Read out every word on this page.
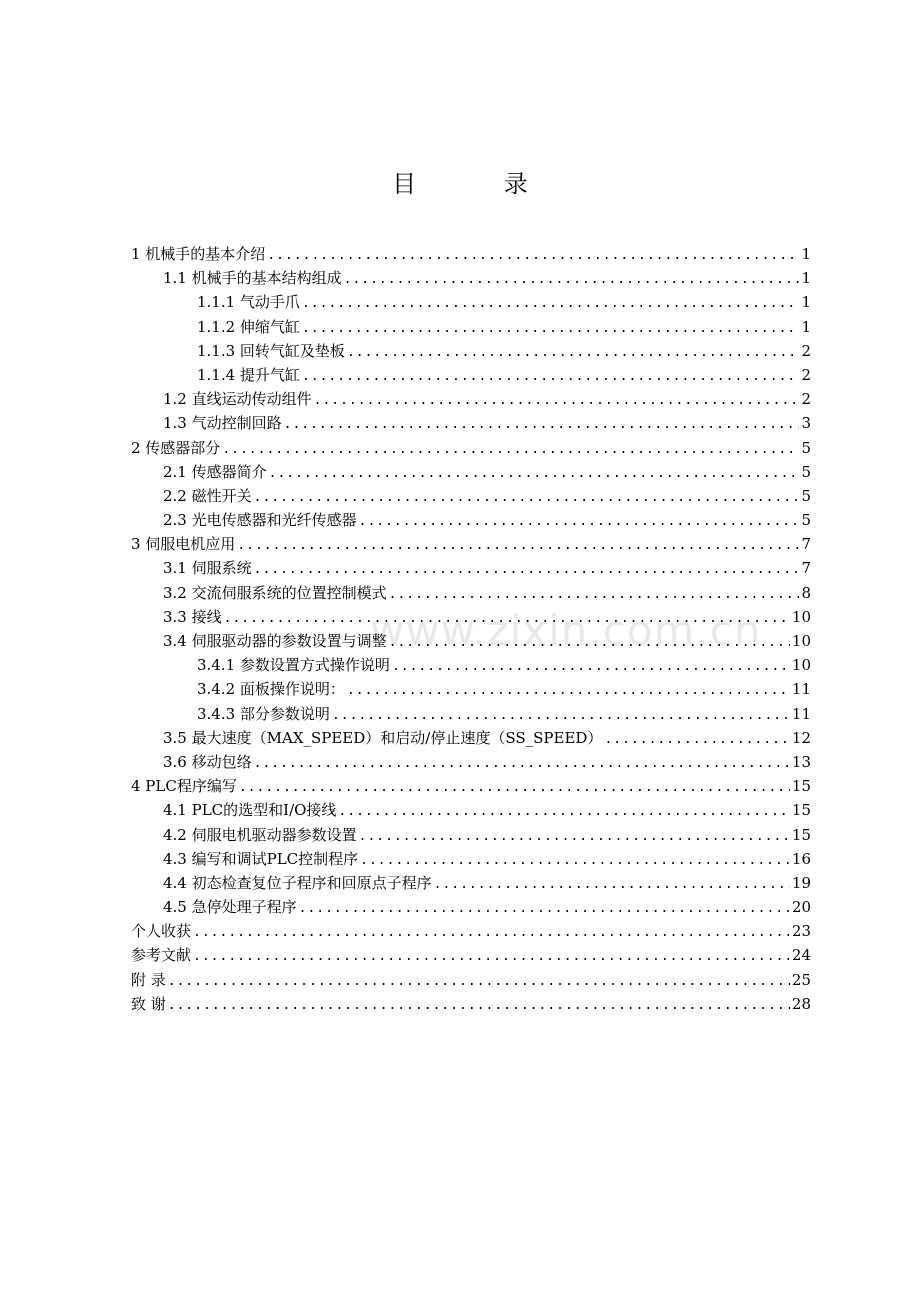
目 录
www.zixin.com.cn
1 机械手的基本介绍 .....	1
1.1 机械手的基本结构组成 .....	1
1.1.1 气动手爪 .....	1
1.1.2 伸缩气缸 .....	1
1.1.3 回转气缸及垫板 .....	2
1.1.4 提升气缸 .....	2
1.2 直线运动传动组件 .....	2
1.3 气动控制回路 .....	3
2 传感器部分 .....	5
2.1 传感器简介 .....	5
2.2 磁性开关 .....	5
2.3 光电传感器和光纤传感器 .....	5
3 伺服电机应用 .....	7
3.1 伺服系统 .....	7
3.2 交流伺服系统的位置控制模式 .....	8
3.3 接线 .....	10
3.4 伺服驱动器的参数设置与调整 .....	10
3.4.1 参数设置方式操作说明 .....	10
3.4.2 面板操作说明： .....	11
3.4.3 部分参数说明 .....	11
3.5 最大速度（MAX_SPEED）和启动/停止速度（SS_SPEED） .....	12
3.6 移动包络 .....	13
4 PLC程序编写 .....	15
4.1 PLC的选型和I/O接线 .....	15
4.2 伺服电机驱动器参数设置 .....	15
4.3 编写和调试PLC控制程序 .....	16
4.4 初态检查复位子程序和回原点子程序 .....	19
4.5 急停处理子程序 .....	20
个人收获 .....	23
参考文献 .....	24
附 录 .....	25
致 谢 .....	28
